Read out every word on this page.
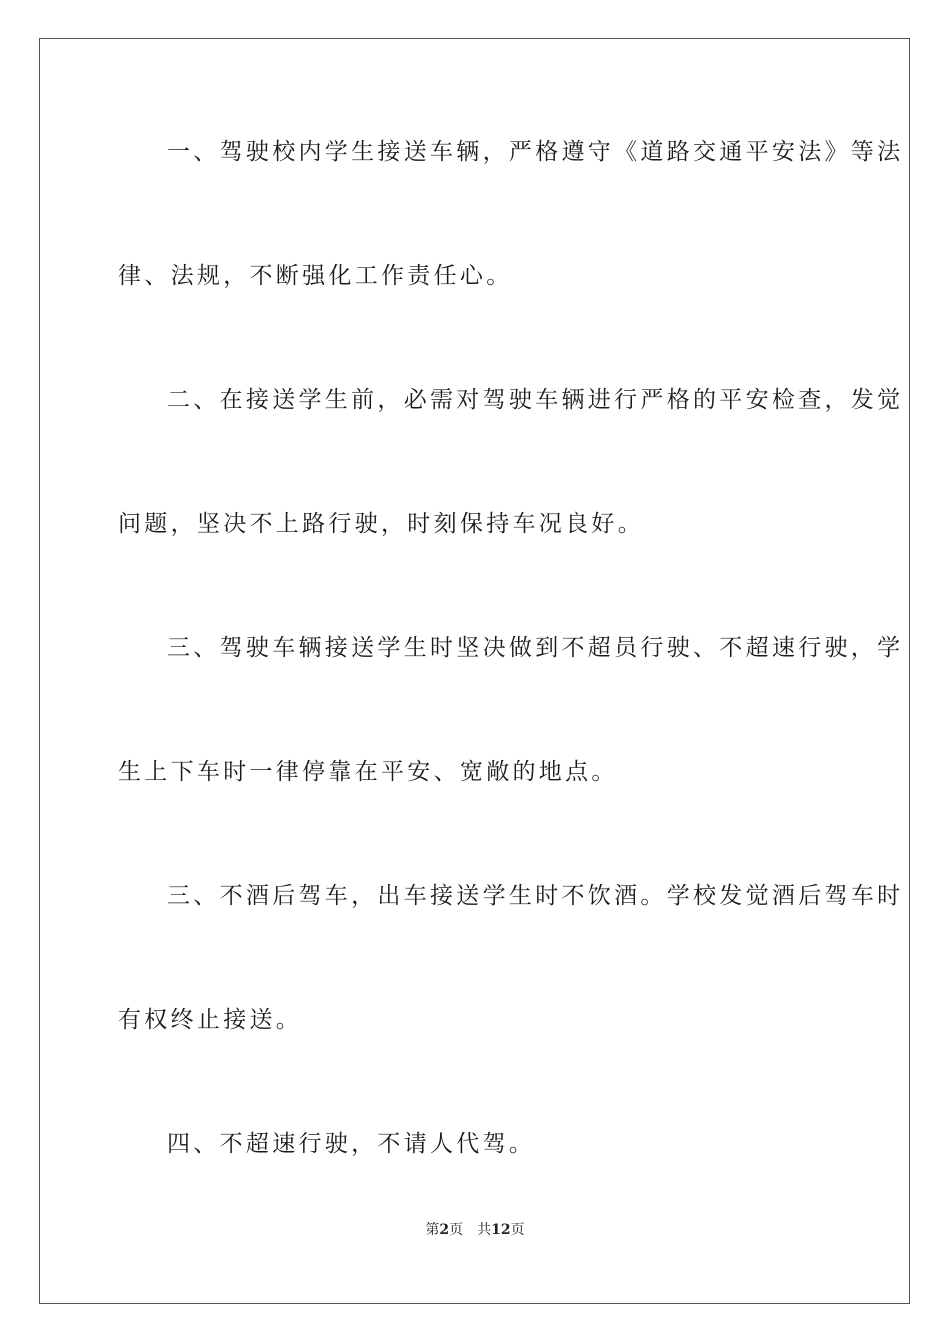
一、驾驶校内学生接送车辆，严格遵守《道路交通平安法》等法

律、法规，不断强化工作责任心。

二、在接送学生前，必需对驾驶车辆进行严格的平安检查，发觉

问题，坚决不上路行驶，时刻保持车况良好。

三、驾驶车辆接送学生时坚决做到不超员行驶、不超速行驶，学

生上下车时一律停靠在平安、宽敞的地点。

三、不酒后驾车，出车接送学生时不饮酒。学校发觉酒后驾车时

有权终止接送。

四、不超速行驶，不请人代驾。

第2页 共12页
